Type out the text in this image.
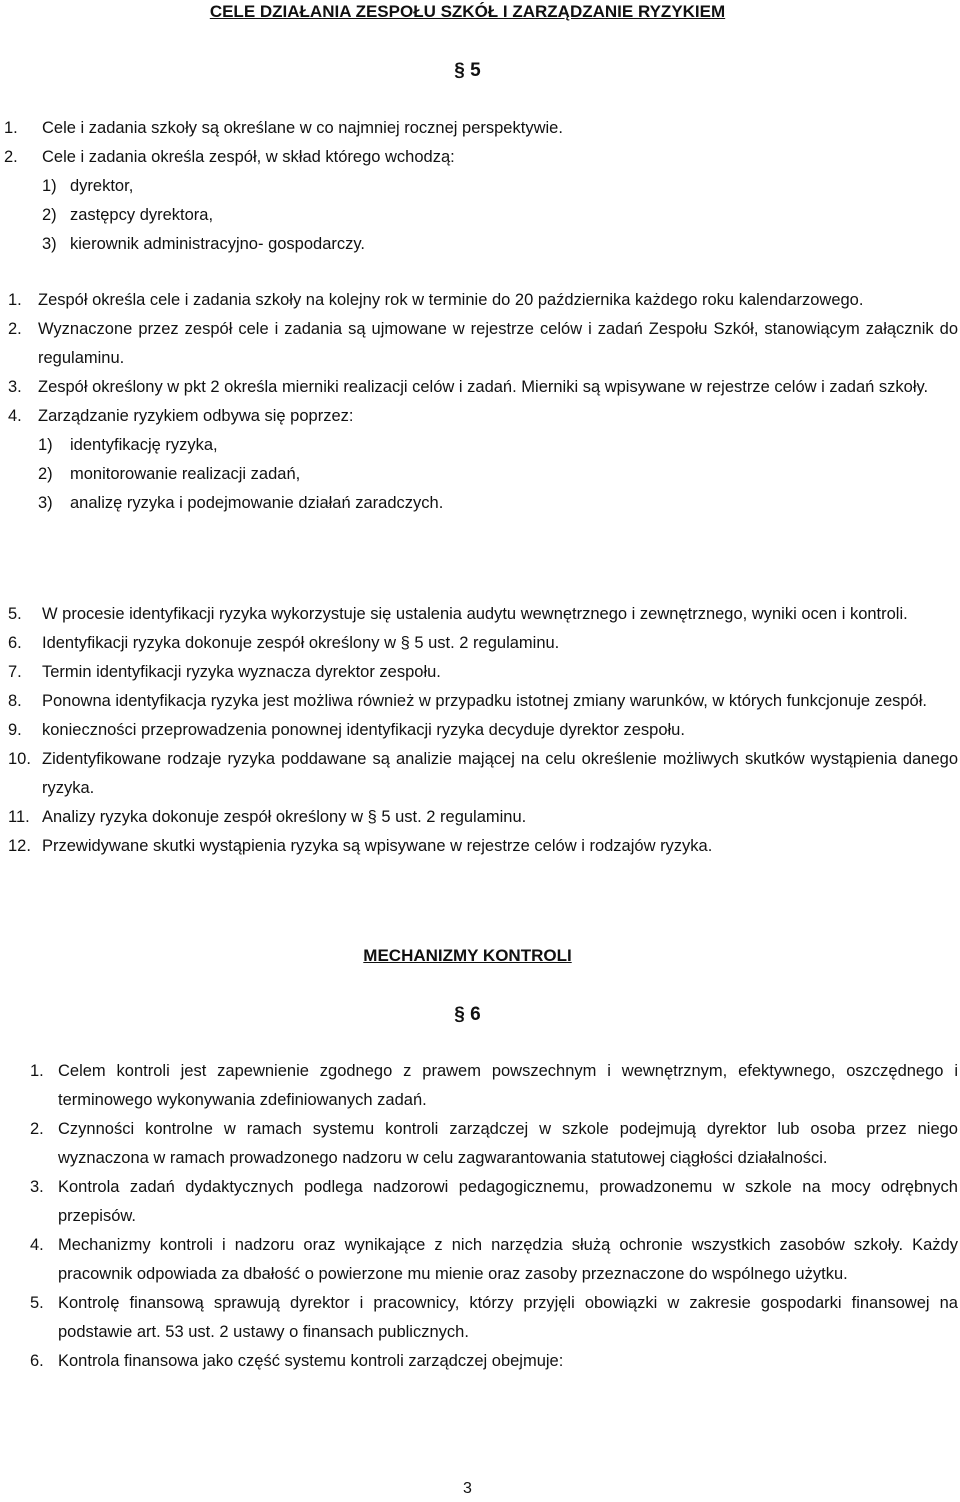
CELE DZIAŁANIA ZESPOŁU SZKÓŁ I ZARZĄDZANIE RYZYKIEM
§ 5
1.	Cele i zadania szkoły są określane w co najmniej rocznej perspektywie.
2.	Cele i zadania określa zespół, w skład którego wchodzą:
1) dyrektor,
2) zastępcy dyrektora,
3) kierownik administracyjno- gospodarczy.
1. Zespół określa cele i zadania szkoły na kolejny rok w terminie do 20 października każdego roku kalendarzowego.
2. Wyznaczone przez zespół cele i zadania są ujmowane w rejestrze celów i zadań Zespołu Szkół, stanowiącym załącznik do regulaminu.
3. Zespół określony w pkt 2 określa mierniki realizacji celów i zadań. Mierniki są wpisywane w rejestrze celów i zadań szkoły.
4. Zarządzanie ryzykiem odbywa się poprzez:
1)	identyfikację ryzyka,
2)	monitorowanie realizacji zadań,
3)	analizę ryzyka i podejmowanie działań zaradczych.
5.	W procesie identyfikacji ryzyka wykorzystuje się ustalenia audytu wewnętrznego i zewnętrznego, wyniki ocen i kontroli.
6.	Identyfikacji ryzyka dokonuje zespół określony w § 5 ust. 2 regulaminu.
7.	Termin identyfikacji ryzyka wyznacza dyrektor zespołu.
8.	Ponowna identyfikacja ryzyka jest możliwa również w przypadku istotnej zmiany warunków, w których funkcjonuje zespół.
9.	konieczności przeprowadzenia ponownej identyfikacji ryzyka decyduje dyrektor zespołu.
10. Zidentyfikowane rodzaje ryzyka poddawane są analizie mającej na celu określenie możliwych skutków wystąpienia danego ryzyka.
11. Analizy ryzyka dokonuje zespół określony w § 5 ust. 2 regulaminu.
12. Przewidywane skutki wystąpienia ryzyka są wpisywane w rejestrze celów i rodzajów ryzyka.
MECHANIZMY KONTROLI
§ 6
1. Celem kontroli jest zapewnienie zgodnego z prawem powszechnym i wewnętrznym, efektywnego, oszczędnego i terminowego wykonywania zdefiniowanych zadań.
2. Czynności kontrolne w ramach systemu kontroli zarządczej w szkole podejmują dyrektor lub osoba przez niego wyznaczona w ramach prowadzonego nadzoru w celu zagwarantowania statutowej ciągłości działalności.
3. Kontrola zadań dydaktycznych podlega nadzorowi pedagogicznemu, prowadzonemu w szkole na mocy odrębnych przepisów.
4. Mechanizmy kontroli i nadzoru oraz wynikające z nich narzędzia służą ochronie wszystkich zasobów szkoły. Każdy pracownik odpowiada za dbałość o powierzone mu mienie oraz zasoby przeznaczone do wspólnego użytku.
5. Kontrolę finansową sprawują dyrektor i pracownicy, którzy przyjęli obowiązki w zakresie gospodarki finansowej na podstawie art. 53 ust. 2 ustawy o finansach publicznych.
6. Kontrola finansowa jako część systemu kontroli zarządczej obejmuje:
3
